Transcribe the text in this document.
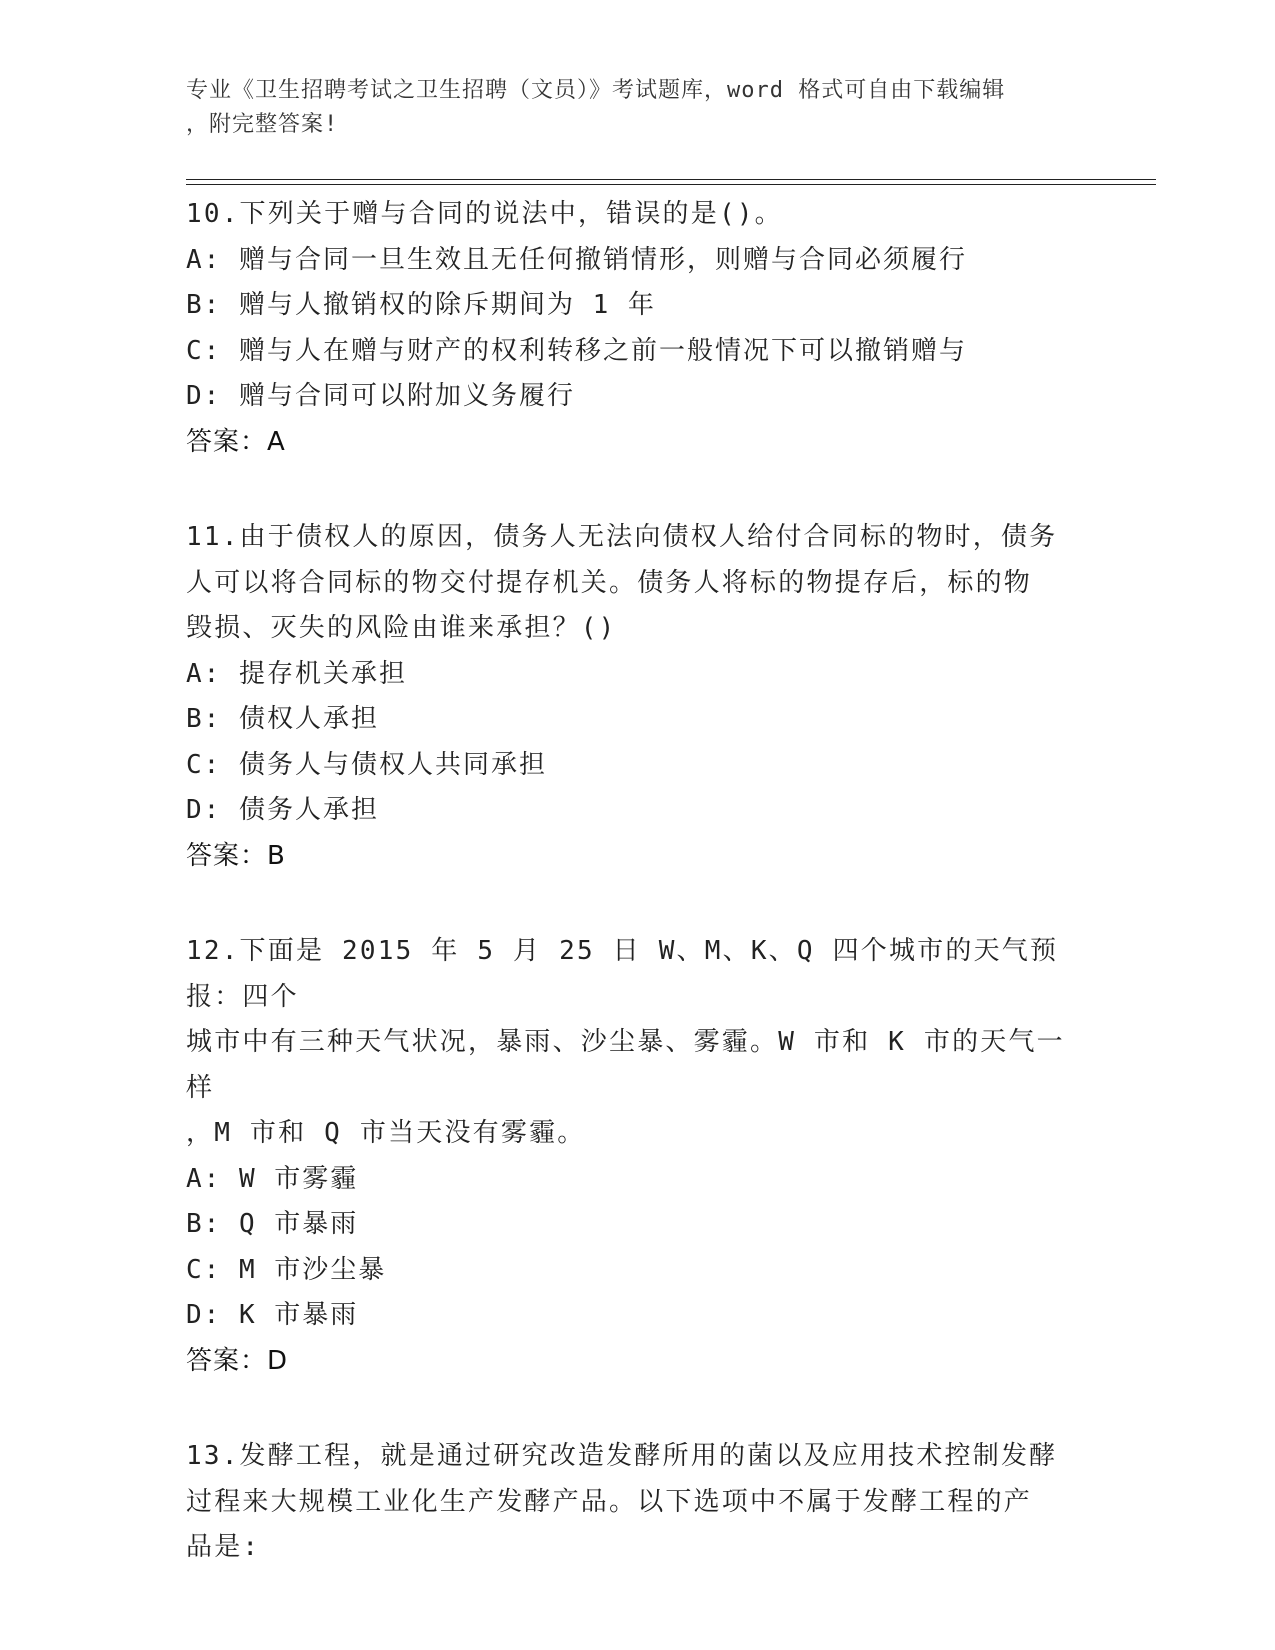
专业《卫生招聘考试之卫生招聘（文员）》考试题库，word 格式可自由下载编辑
，附完整答案!
10.下列关于赠与合同的说法中，错误的是()。
A: 赠与合同一旦生效且无任何撤销情形，则赠与合同必须履行
B: 赠与人撤销权的除斥期间为 1 年
C: 赠与人在赠与财产的权利转移之前一般情况下可以撤销赠与
D: 赠与合同可以附加义务履行
答案：A
11.由于债权人的原因，债务人无法向债权人给付合同标的物时，债务
人可以将合同标的物交付提存机关。债务人将标的物提存后，标的物
毁损、灭失的风险由谁来承担？()
A: 提存机关承担
B: 债权人承担
C: 债务人与债权人共同承担
D: 债务人承担
答案：B
12.下面是 2015 年 5 月 25 日 W、M、K、Q 四个城市的天气预报：四个
城市中有三种天气状况，暴雨、沙尘暴、雾霾。W 市和 K 市的天气一样
，M 市和 Q 市当天没有雾霾。
A: W 市雾霾
B: Q 市暴雨
C: M 市沙尘暴
D: K 市暴雨
答案：D
13.发酵工程，就是通过研究改造发酵所用的菌以及应用技术控制发酵
过程来大规模工业化生产发酵产品。以下选项中不属于发酵工程的产
品是:
